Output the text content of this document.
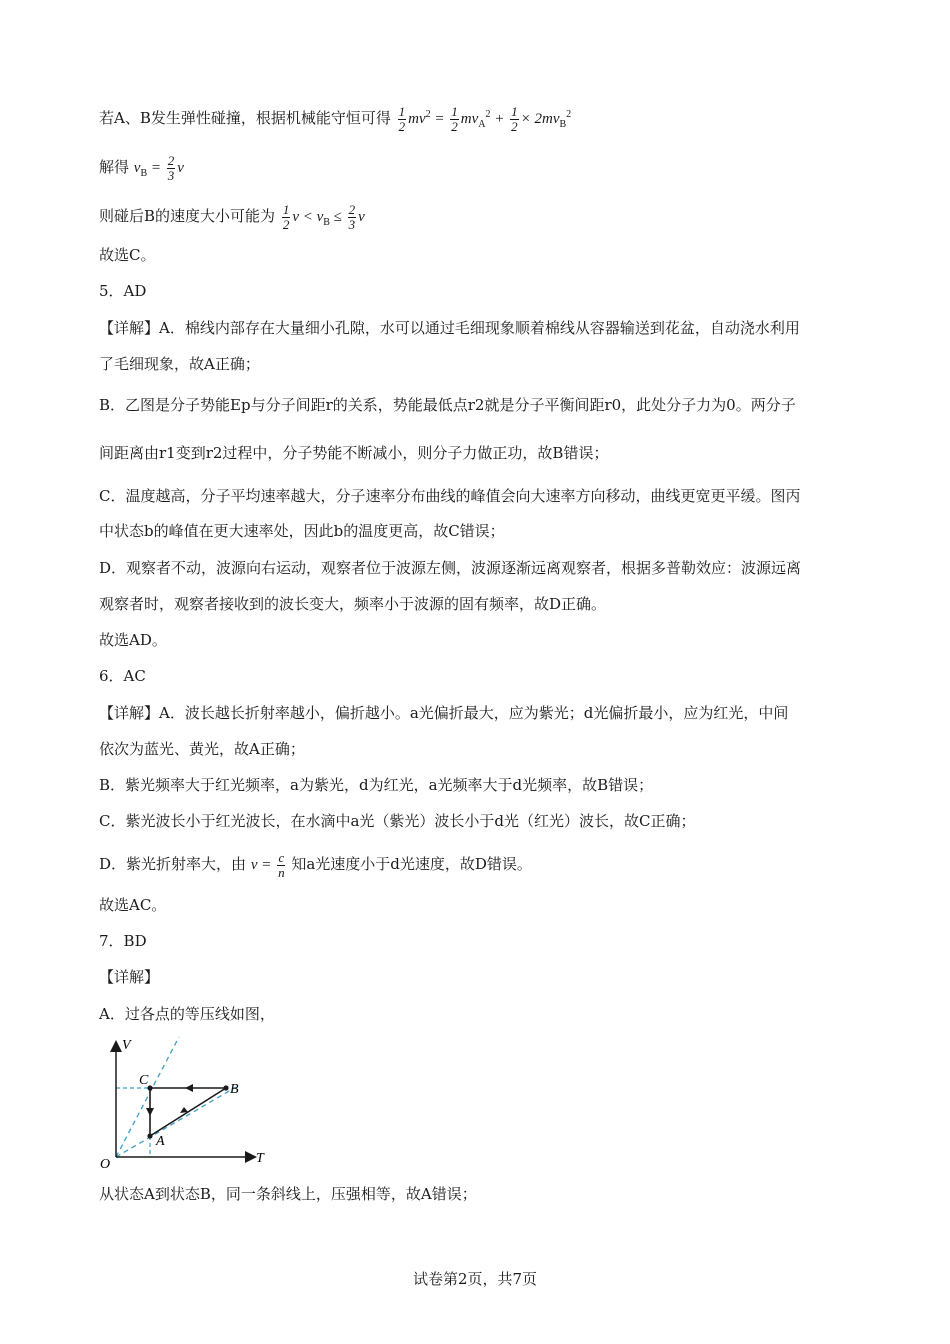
若A、B发生弹性碰撞，根据机械能守恒可得 $\frac{1}{2} mv^2 = \frac{1}{2} mv_A^2 + \frac{1}{2} \times 2mv_B^2$
解得 $v_B = \frac{2}{3}$ v
则碰后B的速度大小可能为 $\frac{1}{2}$ $v < v_B \le \frac{2}{3}$ v
故选C。
5．AD
【详解】A．棉线内部存在大量细小孔隙，水可以通过毛细现象顺着棉线从容器输送到花盆，自动浇水利用
了毛细现象，故A正确；
B．乙图是分子势能Ep与分子间距r的关系，势能最低点r2就是分子平衡间距r0，此处分子力为0。两分子
间距离由r1变到r2过程中，分子势能不断减小，则分子力做正功，故B错误；
C．温度越高，分子平均速率越大，分子速率分布曲线的峰值会向大速率方向移动，曲线更宽更平缓。图丙
中状态b的峰值在更大速率处，因此b的温度更高，故C错误；
D．观察者不动，波源向右运动，观察者位于波源左侧，波源逐渐远离观察者，根据多普勒效应：波源远离
观察者时，观察者接收到的波长变大，频率小于波源的固有频率，故D正确。
故选AD。
6．AC
【详解】A．波长越长折射率越小，偏折越小。a光偏折最大，应为紫光；d光偏折最小，应为红光，中间
依次为蓝光、黄光，故A正确；
B．紫光频率大于红光频率，a为紫光，d为红光，a光频率大于d光频率，故B错误；
C．紫光波长小于红光波长，在水滴中a光（紫光）波长小于d光（红光）波长，故C正确；
D．紫光折射率大，由 $v = \frac{c}{n}$ 知a光速度小于d光速度，故D错误。
故选AC。
7．BD
【详解】
A．过各点的等压线如图，
V
T
O
C
A
B
从状态A到状态B，同一条斜线上，压强相等，故A错误；
试卷第2页，共7页
